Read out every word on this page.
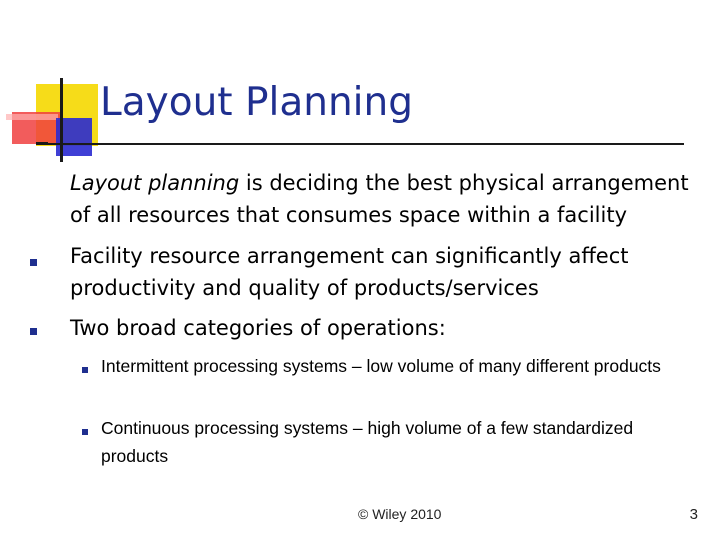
Layout Planning
Layout planning is deciding the best physical arrangement of all resources that consumes space within a facility
Facility resource arrangement can significantly affect productivity and quality of products/services
Two broad categories of operations:
Intermittent processing systems – low volume of many different products
Continuous processing systems – high volume of a few standardized products
© Wiley 2010	3
